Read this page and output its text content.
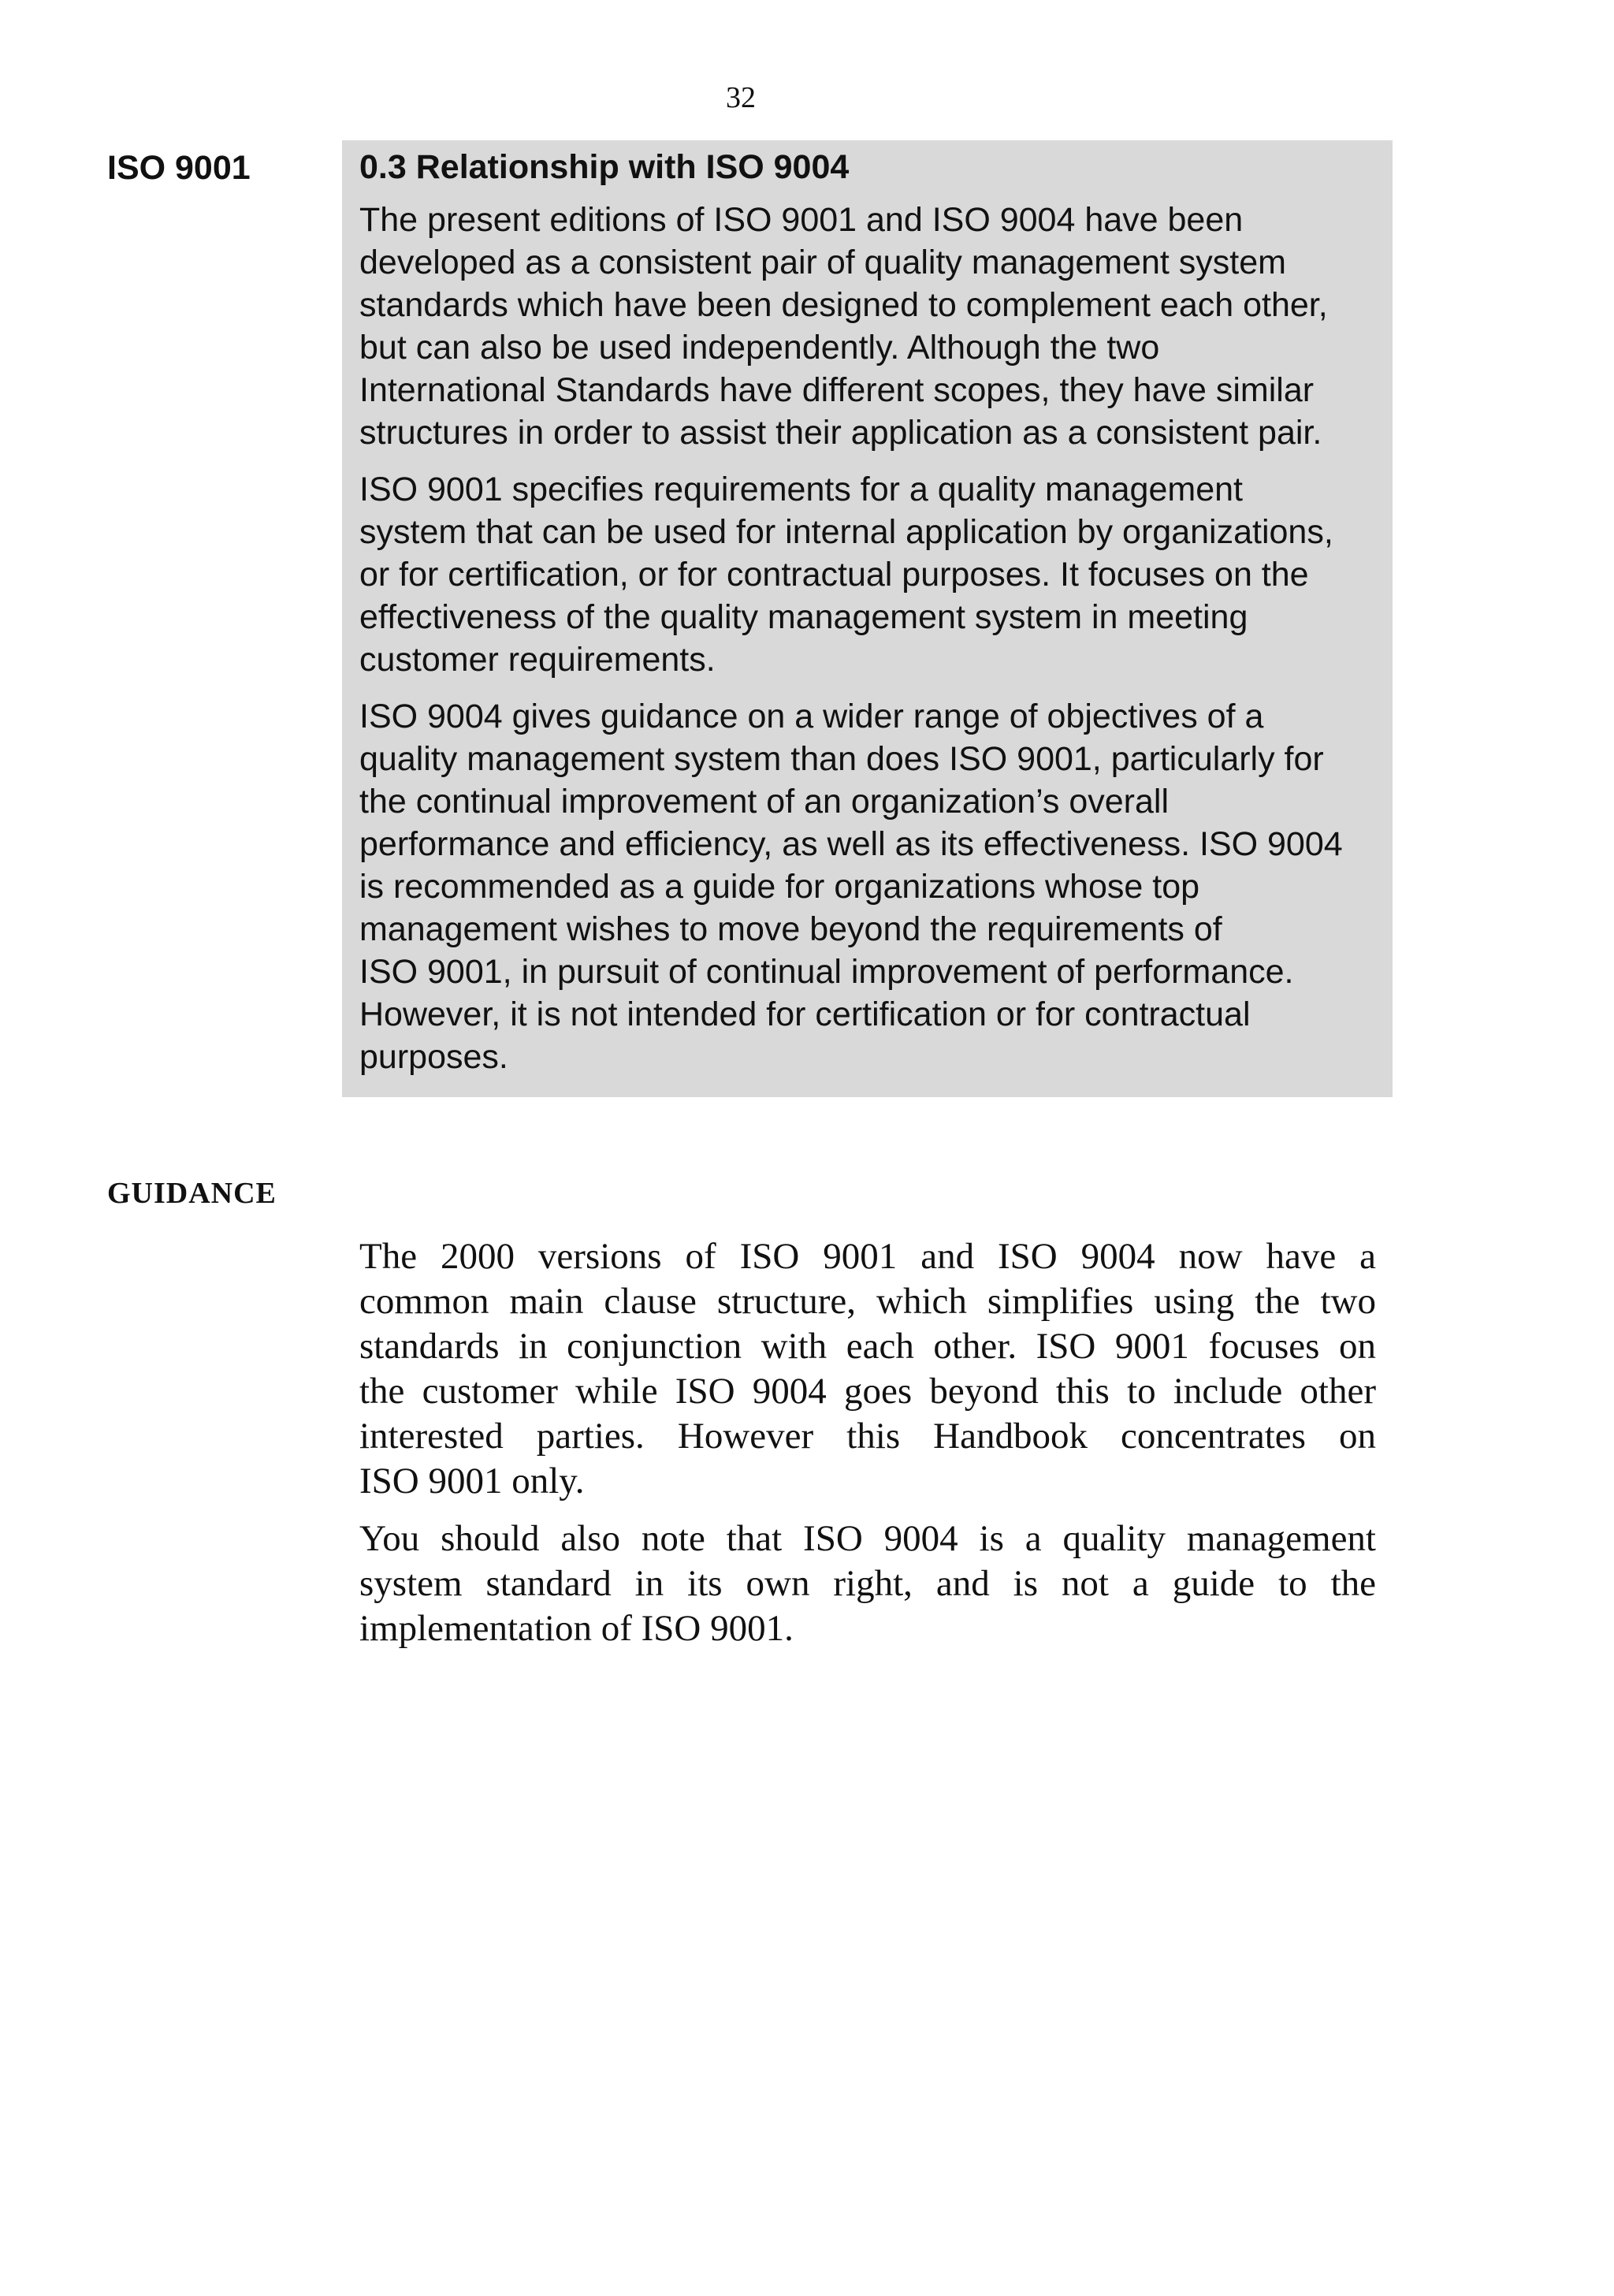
32
ISO 9001	0.3 Relationship with ISO 9004
The present editions of ISO 9001 and ISO 9004 have been
developed as a consistent pair of quality management system
standards which have been designed to complement each other,
but can also be used independently. Although the two
International Standards have different scopes, they have similar
structures in order to assist their application as a consistent pair.
ISO 9001 specifies requirements for a quality management
system that can be used for internal application by organizations,
or for certification, or for contractual purposes. It focuses on the
effectiveness of the quality management system in meeting
customer requirements.
ISO 9004 gives guidance on a wider range of objectives of a
quality management system than does ISO 9001, particularly for
the continual improvement of an organization’s overall
performance and efficiency, as well as its effectiveness. ISO 9004
is recommended as a guide for organizations whose top
management wishes to move beyond the requirements of
ISO 9001, in pursuit of continual improvement of performance.
However, it is not intended for certification or for contractual
purposes.
GUIDANCE
The 2000 versions of ISO 9001 and ISO 9004 now have a
common main clause structure, which simplifies using the two
standards in conjunction with each other. ISO 9001 focuses on
the customer while ISO 9004 goes beyond this to include other
interested parties. However this Handbook concentrates on
ISO 9001 only.
You should also note that ISO 9004 is a quality management
system standard in its own right, and is not a guide to the
implementation of ISO 9001.
